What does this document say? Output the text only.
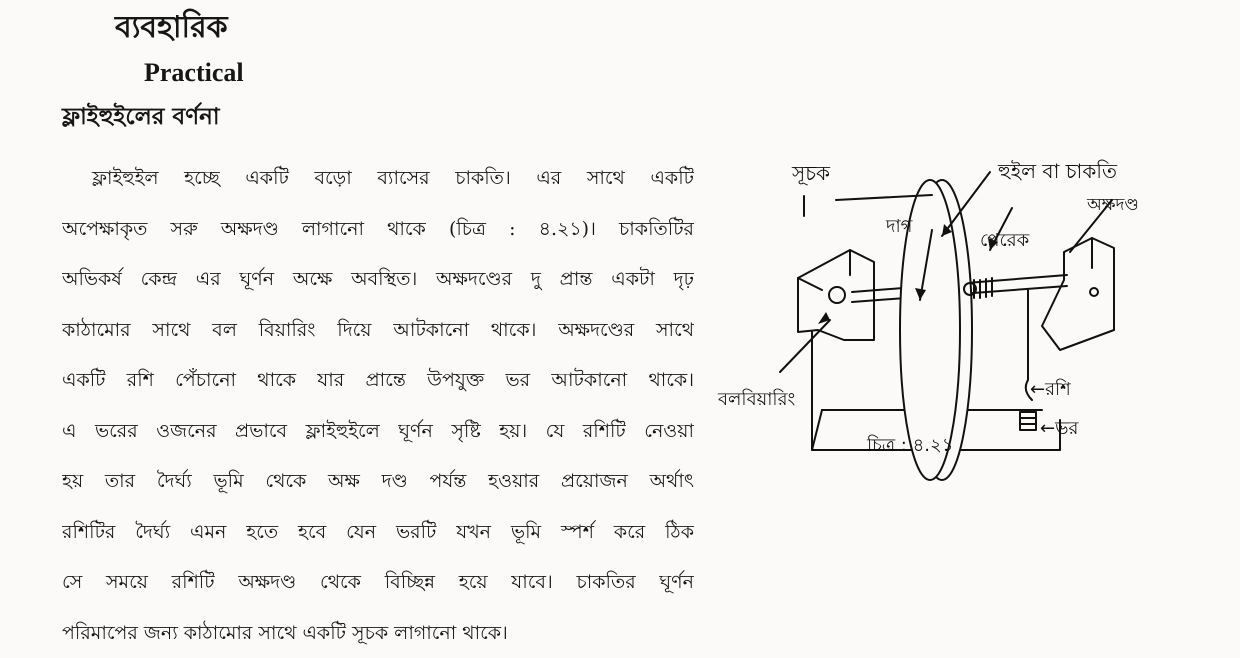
ব্যবহারিক
Practical
ফ্লাইহুইলের বর্ণনা
ফ্লাইহুইল হচ্ছে একটি বড়ো ব্যাসের চাকতি। এর সাথে একটি
অপেক্ষাকৃত সরু অক্ষদণ্ড লাগানো থাকে (চিত্র : ৪.২১)। চাকতিটির
অভিকর্ষ কেন্দ্র এর ঘূর্ণন অক্ষে অবস্থিত। অক্ষদণ্ডের দু প্রান্ত একটা দৃঢ়
কাঠামোর সাথে বল বিয়ারিং দিয়ে আটকানো থাকে। অক্ষদণ্ডের সাথে
একটি রশি পেঁচানো থাকে যার প্রান্তে উপযুক্ত ভর আটকানো থাকে।
এ ভরের ওজনের প্রভাবে ফ্লাইহুইলে ঘূর্ণন সৃষ্টি হয়। যে রশিটি নেওয়া
হয় তার দৈর্ঘ্য ভূমি থেকে অক্ষ দণ্ড পর্যন্ত হওয়ার প্রয়োজন অর্থাৎ
রশিটির দৈর্ঘ্য এমন হতে হবে যেন ভরটি যখন ভূমি স্পর্শ করে ঠিক
সে সময়ে রশিটি অক্ষদণ্ড থেকে বিচ্ছিন্ন হয়ে যাবে। চাকতির ঘূর্ণন
পরিমাপের জন্য কাঠামোর সাথে একটি সূচক লাগানো থাকে।
সূচক	হুইল বা চাকতি
অক্ষদণ্ড
দাগ
পেরেক
বলবিয়ারিং	←রশি
←ভর
চিত্র : ৪.২১
